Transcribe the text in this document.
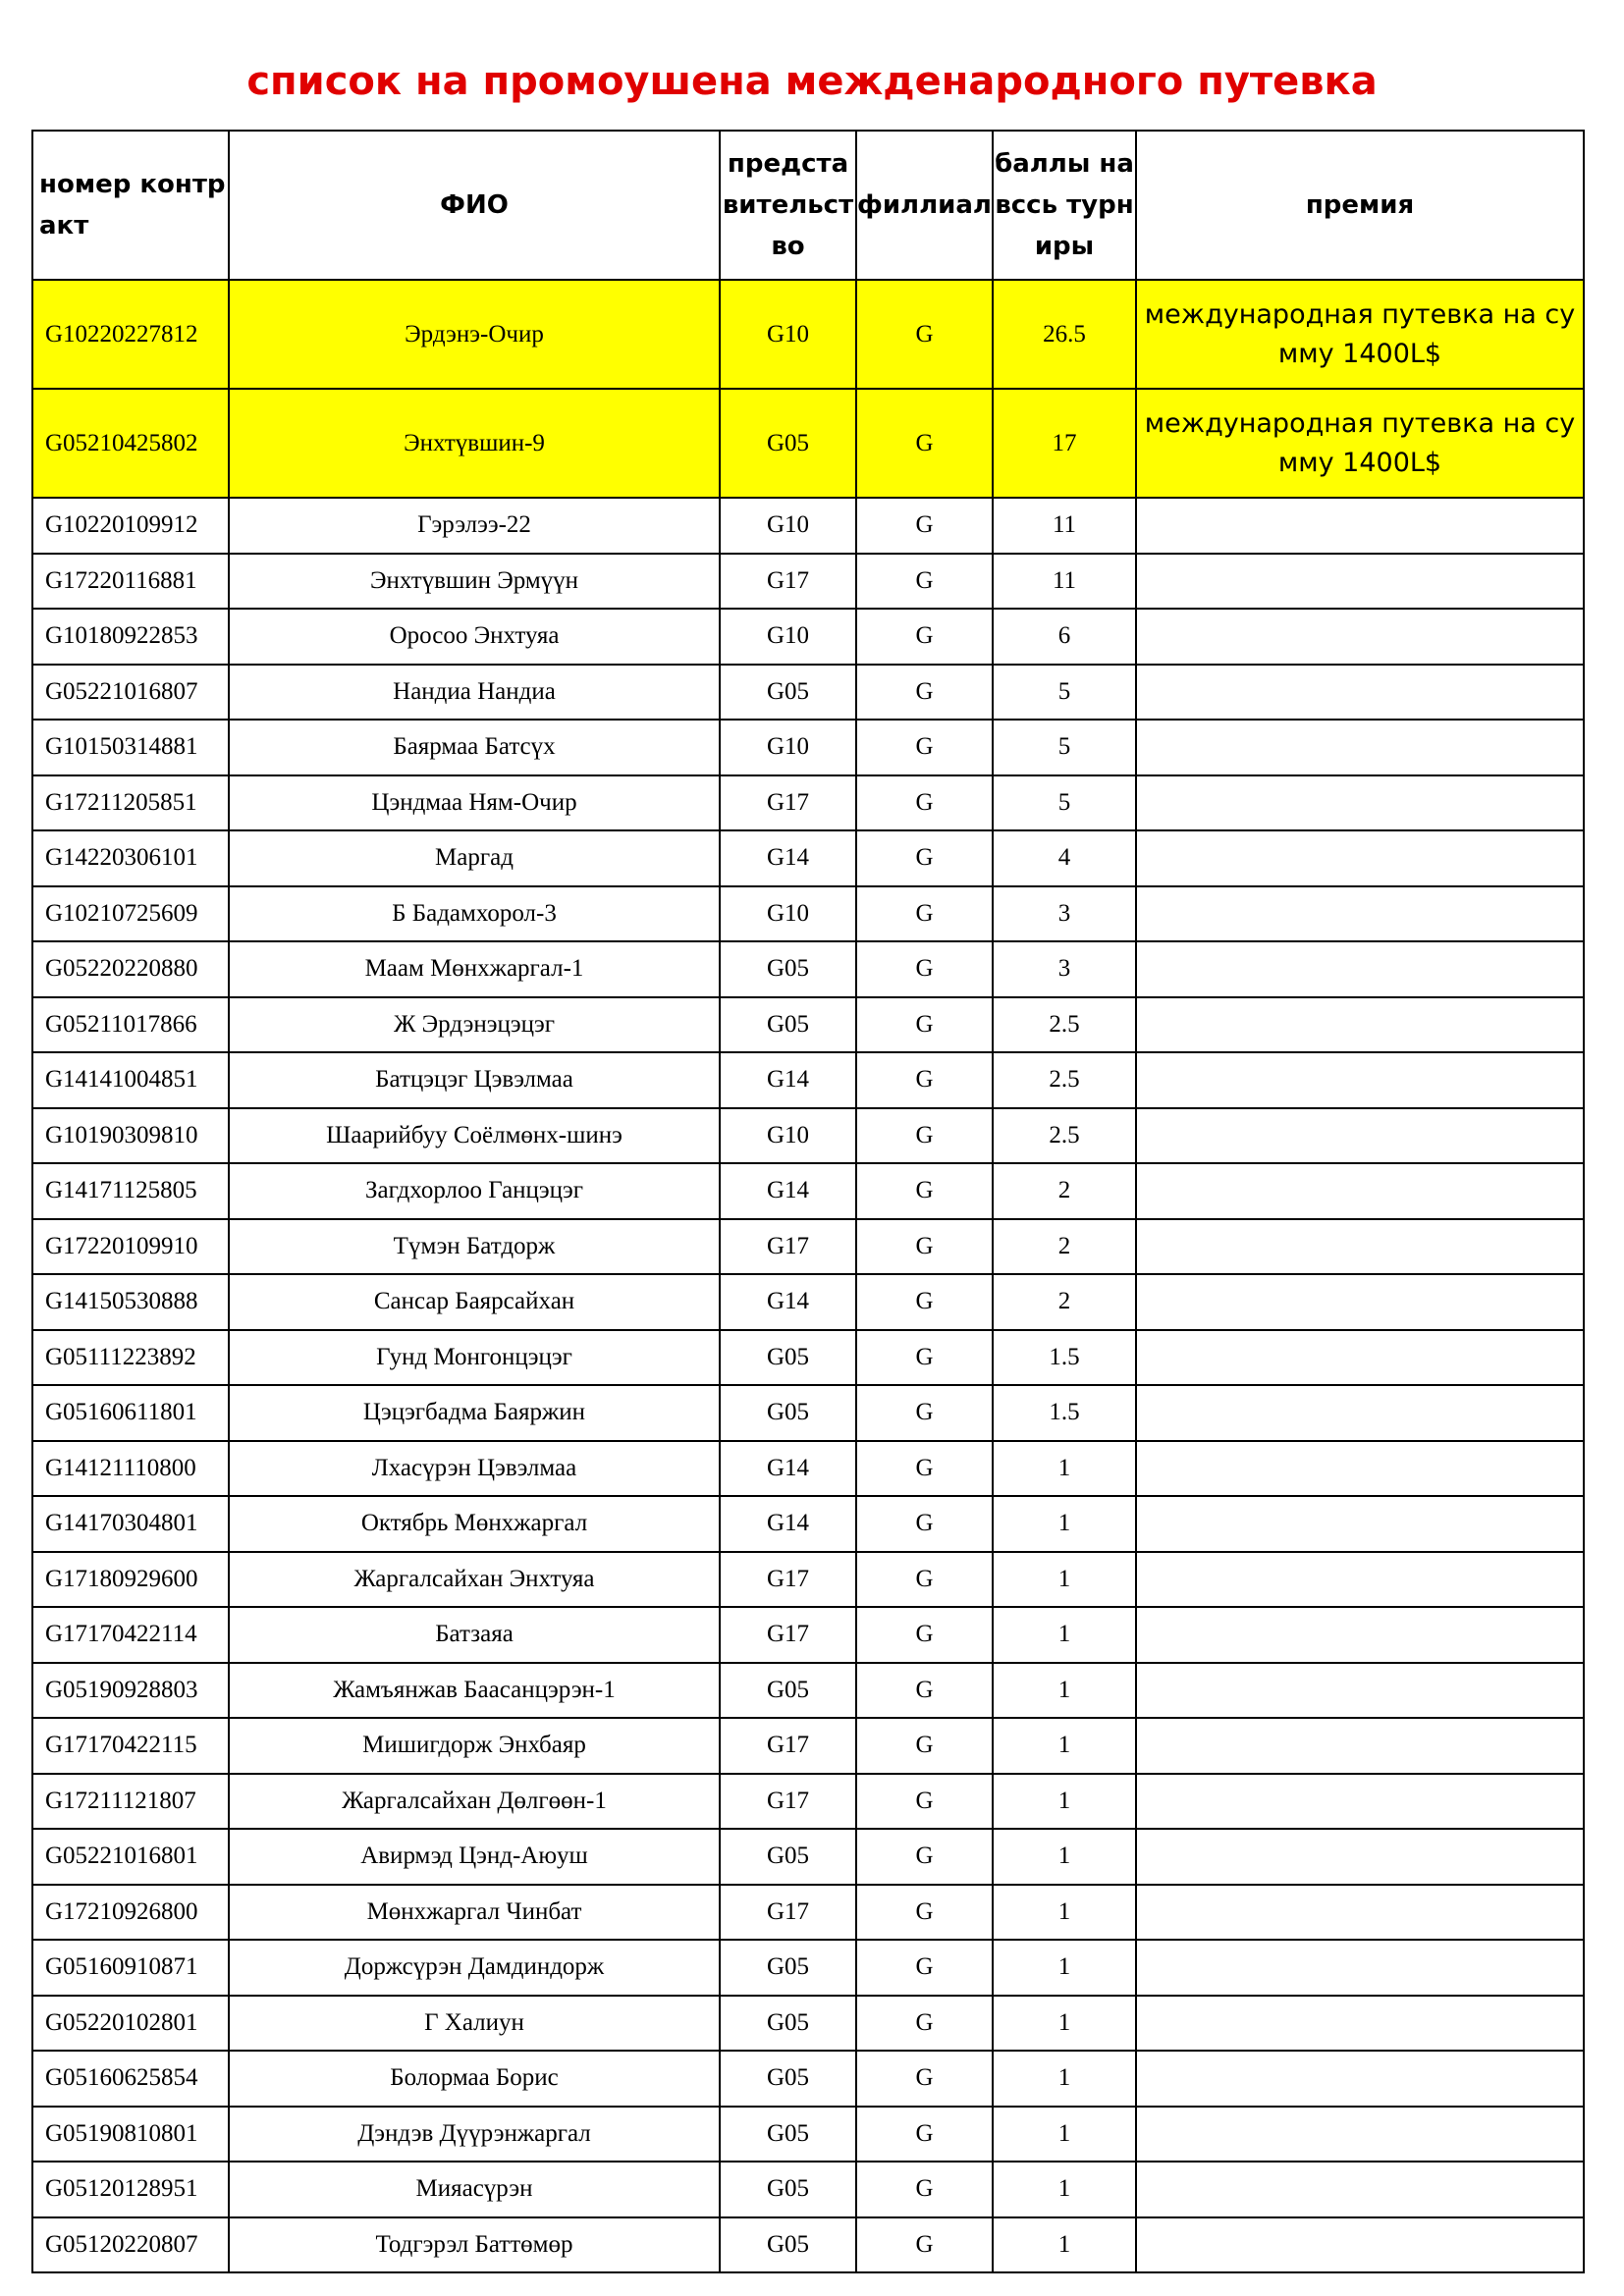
список на промоушена межденародного путевка
номер контракт	ФИО	представительство	филлиал	баллы на вссь турниры	премия
G10220227812	Эрдэнэ-Очир	G10	G	26.5	международная путевка на сумму 1400L$
G05210425802	Энхтүвшин-9	G05	G	17	международная путевка на сумму 1400L$
G10220109912	Гэрэлээ-22	G10	G	11	
G17220116881	Энхтүвшин Эрмүүн	G17	G	11	
G10180922853	Оросоо Энхтуяа	G10	G	6	
G05221016807	Нандиа Нандиа	G05	G	5	
G10150314881	Баярмаа Батсүх	G10	G	5	
G17211205851	Цэндмаа Ням-Очир	G17	G	5	
G14220306101	Маргад	G14	G	4	
G10210725609	Б Бадамхорол-3	G10	G	3	
G05220220880	Маам Мөнхжаргал-1	G05	G	3	
G05211017866	Ж Эрдэнэцэцэг	G05	G	2.5	
G14141004851	Батцэцэг Цэвэлмаа	G14	G	2.5	
G10190309810	Шаарийбуу Соёлмөнх-шинэ	G10	G	2.5	
G14171125805	Загдхорлоо Ганцэцэг	G14	G	2	
G17220109910	Түмэн Батдорж	G17	G	2	
G14150530888	Сансар Баярсайхан	G14	G	2	
G05111223892	Гунд Монгонцэцэг	G05	G	1.5	
G05160611801	Цэцэгбадма Баяржин	G05	G	1.5	
G14121110800	Лхасүрэн Цэвэлмаа	G14	G	1	
G14170304801	Октябрь Мөнхжаргал	G14	G	1	
G17180929600	Жаргалсайхан Энхтуяа	G17	G	1	
G17170422114	Батзаяа	G17	G	1	
G05190928803	Жамъянжав Баасанцэрэн-1	G05	G	1	
G17170422115	Мишигдорж Энхбаяр	G17	G	1	
G17211121807	Жаргалсайхан Дөлгөөн-1	G17	G	1	
G05221016801	Авирмэд Цэнд-Аюуш	G05	G	1	
G17210926800	Мөнхжаргал Чинбат	G17	G	1	
G05160910871	Доржсүрэн Дамдиндорж	G05	G	1	
G05220102801	Г Халиун	G05	G	1	
G05160625854	Болормаа Борис	G05	G	1	
G05190810801	Дэндэв Дүүрэнжаргал	G05	G	1	
G05120128951	Мияасүрэн	G05	G	1	
G05120220807	Тодгэрэл Баттөмөр	G05	G	1	
